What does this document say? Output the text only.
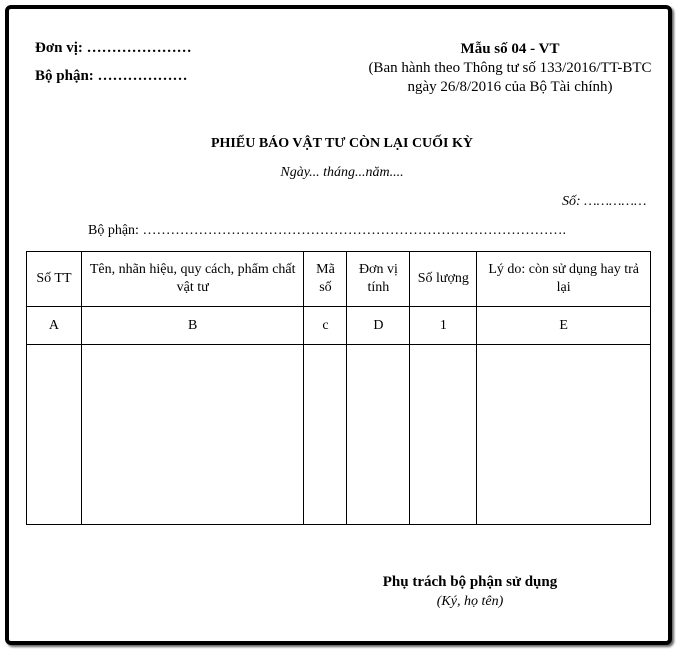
Đơn vị: …………………
Bộ phận: ………………
Mẫu số 04 - VT
(Ban hành theo Thông tư số 133/2016/TT-BTC
ngày 26/8/2016 của Bộ Tài chính)
PHIẾU BÁO VẬT TƯ CÒN LẠI CUỐI KỲ
Ngày... tháng...năm....
Số: ……………
Bộ phận: ……………………………………………………………………………….
Số TT	Tên, nhãn hiệu, quy cách, phẩm chất vật tư	Mã số	Đơn vị tính	Số lượng	Lý do: còn sử dụng hay trả lại
A	B	c	D	1	E

Phụ trách bộ phận sử dụng
(Ký, họ tên)
